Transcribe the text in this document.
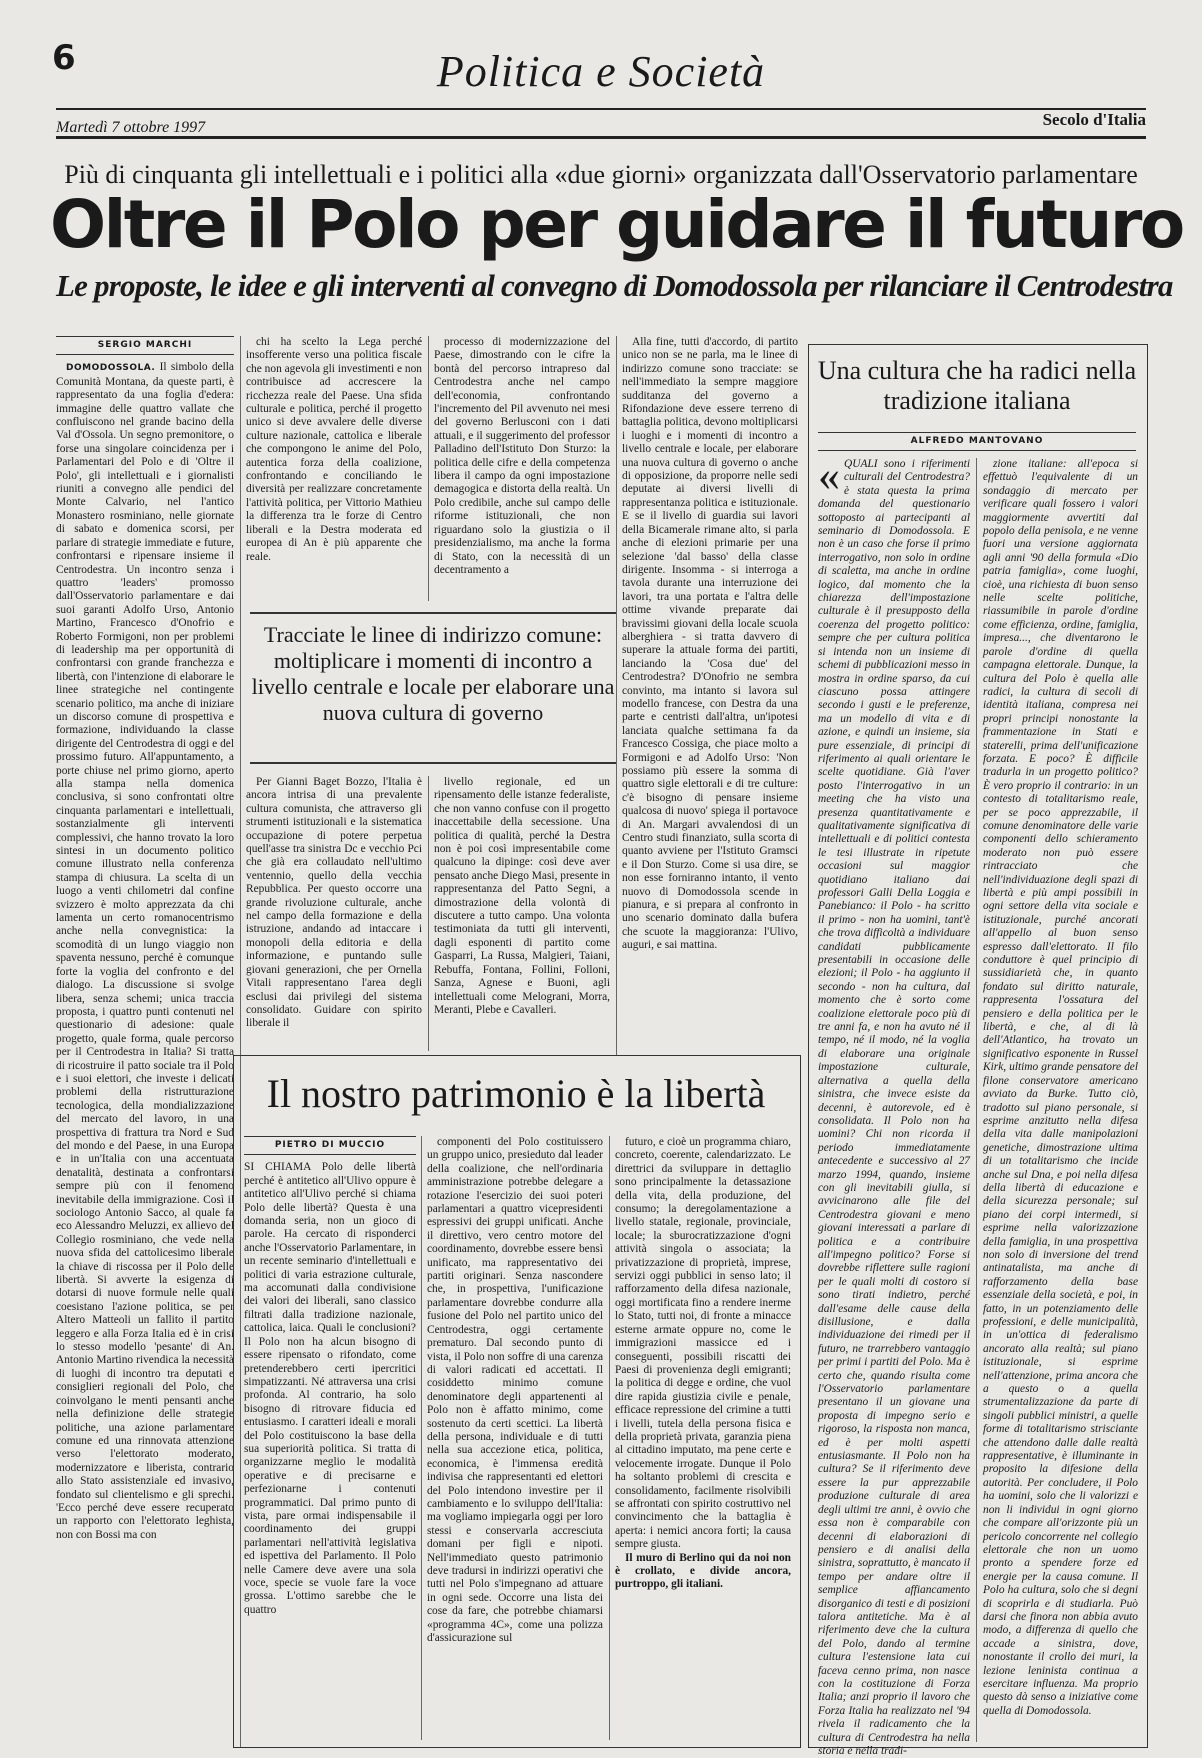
6	Politica e Società
Martedì 7 ottobre 1997	Secolo d'Italia
Più di cinquanta gli intellettuali e i politici alla «due giorni» organizzata dall'Osservatorio parlamentare
Oltre il Polo per guidare il futuro
Le proposte, le idee e gli interventi al convegno di Domodossola per rilanciare il Centrodestra
SERGIO MARCHI

DOMODOSSOLA. Il simbolo della Comunità Montana, da queste parti, è rappresentato da una foglia d'edera: immagine delle quattro vallate che confluiscono nel grande bacino della Val d'Ossola. Un segno premonitore, o forse una singolare coincidenza per i Parlamentari del Polo e di 'Oltre il Polo', gli intellettuali e i giornalisti riuniti a convegno alle pendici del Monte Calvario, nel l'antico Monastero rosminiano, nelle giornate di sabato e domenica scorsi, per parlare di strategie immediate e future, confrontarsi e ripensare insieme il Centrodestra. Un incontro senza i quattro 'leaders' promosso dall'Osservatorio parlamentare e dai suoi garanti Adolfo Urso, Antonio Martino, Francesco d'Onofrio e Roberto Formigoni, non per problemi di leadership ma per opportunità di confrontarsi con grande franchezza e libertà, con l'intenzione di elaborare le linee strategiche nel contingente scenario politico, ma anche di iniziare un discorso comune di prospettiva e formazione, individuando la classe dirigente del Centrodestra di oggi e del prossimo futuro. All'appuntamento, a porte chiuse nel primo giorno, aperto alla stampa nella domenica conclusiva, si sono confrontati oltre cinquanta parlamentari e intellettuali, sostanzialmente gli interventi complessivi, che hanno trovato la loro sintesi in un documento politico comune illustrato nella conferenza stampa di chiusura. La scelta di un luogo a venti chilometri dal confine svizzero è molto apprezzata da chi lamenta un certo romanocentrismo anche nella convegnistica: la scomodità di un lungo viaggio non spaventa nessuno, perché è comunque forte la voglia del confronto e del dialogo. La discussione si svolge libera, senza schemi; unica traccia proposta, i quattro punti contenuti nel questionario di adesione: quale progetto, quale forma, quale percorso per il Centrodestra in Italia? Si tratta di ricostruire il patto sociale tra il Polo e i suoi elettori, che investe i delicati problemi della ristrutturazione tecnologica, della mondializzazione del mercato del lavoro, in una prospettiva di frattura tra Nord e Sud del mondo e del Paese, in una Europa e in un'Italia con una accentuata denatalità, destinata a confrontarsi sempre più con il fenomeno inevitabile della immigrazione. Così il sociologo Antonio Sacco, al quale fa eco Alessandro Meluzzi, ex allievo del Collegio rosminiano, che vede nella nuova sfida del cattolicesimo liberale la chiave di riscossa per il Polo delle libertà. Si avverte la esigenza di dotarsi di nuove formule nelle quali coesistano l'azione politica, se per Altero Matteoli un fallito il partito leggero e alla Forza Italia ed è in crisi lo stesso modello 'pesante' di An. Antonio Martino rivendica la necessità di luoghi di incontro tra deputati e consiglieri regionali del Polo, che coinvolgano le menti pensanti anche nella definizione delle strategie politiche, una azione parlamentare comune ed una rinnovata attenzione verso l'elettorato moderato, modernizzatore e liberista, contrario allo Stato assistenziale ed invasivo, fondato sul clientelismo e gli sprechi. 'Ecco perché deve essere recuperato un rapporto con l'elettorato leghista, non con Bossi ma con

chi ha scelto la Lega perché insofferente verso una politica fiscale che non agevola gli investimenti e non contribuisce ad accrescere la ricchezza reale del Paese. Una sfida culturale e politica, perché il progetto unico si deve avvalere delle diverse culture nazionale, cattolica e liberale che compongono le anime del Polo, autentica forza della coalizione, confrontando e conciliando le diversità per realizzare concretamente l'attività politica, per Vittorio Mathieu la differenza tra le forze di Centro liberali e la Destra moderata ed europea di An è più apparente che reale.

processo di modernizzazione del Paese, dimostrando con le cifre la bontà del percorso intrapreso dal Centrodestra anche nel campo dell'economia, confrontando l'incremento del Pil avvenuto nei mesi del governo Berlusconi con i dati attuali, e il suggerimento del professor Palladino dell'Istituto Don Sturzo: la politica delle cifre e della competenza libera il campo da ogni impostazione demagogica e distorta della realtà. Un Polo credibile, anche sul campo delle riforme istituzionali, che non riguardano solo la giustizia o il presidenzialismo, ma anche la forma di Stato, con la necessità di un decentramento a

Tracciate le linee di indirizzo comune: moltiplicare i momenti di incontro a livello centrale e locale per elaborare una nuova cultura di governo

Per Gianni Baget Bozzo, l'Italia è ancora intrisa di una prevalente cultura comunista, che attraverso gli strumenti istituzionali e la sistematica occupazione di potere perpetua quell'asse tra sinistra Dc e vecchio Pci che già era collaudato nell'ultimo ventennio, quello della vecchia Repubblica. Per questo occorre una grande rivoluzione culturale, anche nel campo della formazione e della istruzione, andando ad intaccare i monopoli della editoria e della informazione, e puntando sulle giovani generazioni, che per Ornella Vitali rappresentano l'area degli esclusi dai privilegi del sistema consolidato. Guidare con spirito liberale il

livello regionale, ed un ripensamento delle istanze federaliste, che non vanno confuse con il progetto inaccettabile della secessione. Una politica di qualità, perché la Destra non è poi così impresentabile come qualcuno la dipinge: così deve aver pensato anche Diego Masi, presente in rappresentanza del Patto Segni, a dimostrazione della volontà di discutere a tutto campo. Una volonta testimoniata da tutti gli interventi, dagli esponenti di partito come Gasparri, La Russa, Malgieri, Taiani, Rebuffa, Fontana, Follini, Folloni, Sanza, Agnese e Buoni, agli intellettuali come Melograni, Morra, Meranti, Plebe e Cavalleri.

Alla fine, tutti d'accordo, di partito unico non se ne parla, ma le linee di indirizzo comune sono tracciate: se nell'immediato la sempre maggiore sudditanza del governo a Rifondazione deve essere terreno di battaglia politica, devono moltiplicarsi i luoghi e i momenti di incontro a livello centrale e locale, per elaborare una nuova cultura di governo o anche di opposizione, da proporre nelle sedi deputate ai diversi livelli di rappresentanza politica e istituzionale. E se il livello di guardia sui lavori della Bicamerale rimane alto, si parla anche di elezioni primarie per una selezione 'dal basso' della classe dirigente. Insomma - si interroga a tavola durante una interruzione dei lavori, tra una portata e l'altra delle ottime vivande preparate dai bravissimi giovani della locale scuola alberghiera - si tratta davvero di superare la attuale forma dei partiti, lanciando la 'Cosa due' del Centrodestra? D'Onofrio ne sembra convinto, ma intanto si lavora sul modello francese, con Destra da una parte e centristi dall'altra, un'ipotesi lanciata qualche settimana fa da Francesco Cossiga, che piace molto a Formigoni e ad Adolfo Urso: 'Non possiamo più essere la somma di quattro sigle elettorali e di tre culture: c'è bisogno di pensare insieme qualcosa di nuovo' spiega il portavoce di An. Margari avvalendosi di un Centro studi finanziato, sulla scorta di quanto avviene per l'Istituto Gramsci e il Don Sturzo. Come si usa dire, se non esse forniranno intanto, il vento nuovo di Domodossola scende in pianura, e si prepara al confronto in uno scenario dominato dalla bufera che scuote la maggioranza: l'Ulivo, auguri, e sai mattina.

Una cultura che ha radici nella tradizione italiana
ALFREDO MANTOVANO

« QUALI sono i riferimenti culturali del Centrodestra? è stata questa la prima domanda del questionario sottoposto ai partecipanti al seminario di Domodossola. E non è un caso che forse il primo interrogativo, non solo in ordine di scaletta, ma anche in ordine logico, dal momento che la chiarezza dell'impostazione culturale è il presupposto della coerenza del progetto politico: sempre che per cultura politica si intenda non un insieme di schemi di pubblicazioni messo in mostra in ordine sparso, da cui ciascuno possa attingere secondo i gusti e le preferenze, ma un modello di vita e di azione, e quindi un insieme, sia pure essenziale, di principi di riferimento ai quali orientare le scelte quotidiane. Già l'aver posto l'interrogativo in un meeting che ha visto una presenza quantitativamente e qualitativamente significativa di intellettuali e di politici contesta le tesi illustrate in ripetute occasioni sul maggior quotidiano italiano dai professori Galli Della Loggia e Panebianco: il Polo - ha scritto il primo - non ha uomini, tant'è che trova difficoltà a individuare candidati pubblicamente presentabili in occasione delle elezioni; il Polo - ha aggiunto il secondo - non ha cultura, dal momento che è sorto come coalizione elettorale poco più di tre anni fa, e non ha avuto né il tempo, né il modo, né la voglia di elaborare una originale impostazione culturale, alternativa a quella della sinistra, che invece esiste da decenni, è autorevole, ed è consolidata. Il Polo non ha uomini? Chi non ricorda il periodo immediatamente antecedente e successivo al 27 marzo 1994, quando, insieme con gli inevitabili giulla, si avvicinarono alle file del Centrodestra giovani e meno giovani interessati a parlare di politica e a contribuire all'impegno politico? Forse si dovrebbe riflettere sulle ragioni per le quali molti di costoro si sono tirati indietro, perché dall'esame delle cause della disillusione, e dalla individuazione dei rimedi per il futuro, ne trarrebbero vantaggio per primi i partiti del Polo. Ma è certo che, quando risulta come l'Osservatorio parlamentare presentano il un giovane una proposta di impegno serio e rigoroso, la risposta non manca, ed è per molti aspetti entusiasmante. Il Polo non ha cultura? Se il riferimento deve essere la pur apprezzabile produzione culturale di area degli ultimi tre anni, è ovvio che essa non è comparabile con decenni di elaborazioni di pensiero e di analisi della sinistra, soprattutto, è mancato il tempo per andare oltre il semplice affiancamento disorganico di testi e di posizioni talora antitetiche. Ma è al riferimento deve che la cultura del Polo, dando al termine cultura l'estensione lata cui faceva cenno prima, non nasce con la costituzione di Forza Italia; anzi proprio il lavoro che Forza Italia ha realizzato nel '94 rivela il radicamento che la cultura di Centrodestra ha nella storia e nella tradi-

zione italiane: all'epoca si effettuò l'equivalente di un sondaggio di mercato per verificare quali fossero i valori maggiormente avvertiti dal popolo della penisola, e ne venne fuori una versione aggiornata agli anni '90 della formula «Dio patria famiglia», come luoghi, cioè, una richiesta di buon senso nelle scelte politiche, riassumibile in parole d'ordine come efficienza, ordine, famiglia, impresa..., che diventarono le parole d'ordine di quella campagna elettorale. Dunque, la cultura del Polo è quella alle radici, la cultura di secoli di identità italiana, compresa nei propri principi nonostante la frammentazione in Stati e staterelli, prima dell'unificazione forzata. E poco? È difficile tradurla in un progetto politico? È vero proprio il contrario: in un contesto di totalitarismo reale, per se poco apprezzabile, il comune denominatore delle varie componenti dello schieramento moderato non può essere rintracciato che nell'individuazione degli spazi di libertà e più ampi possibili in ogni settore della vita sociale e istituzionale, purché ancorati all'appello al buon senso espresso dall'elettorato. Il filo conduttore è quel principio di sussidiarietà che, in quanto fondato sul diritto naturale, rappresenta l'ossatura del pensiero e della politica per le libertà, e che, al di là dell'Atlantico, ha trovato un significativo esponente in Russel Kirk, ultimo grande pensatore del filone conservatore americano avviato da Burke. Tutto ciò, tradotto sul piano personale, si esprime anzitutto nella difesa della vita dalle manipolazioni genetiche, dimostrazione ultima di un totalitarismo che incide anche sul Dna, e poi nella difesa della libertà di educazione e della sicurezza personale; sul piano dei corpi intermedi, si esprime nella valorizzazione della famiglia, in una prospettiva non solo di inversione del trend antinatalista, ma anche di rafforzamento della base essenziale della società, e poi, in fatto, in un potenziamento delle professioni, e delle municipalità, in un'ottica di federalismo ancorato alla realtà; sul piano istituzionale, si esprime nell'attenzione, prima ancora che a questo o a quella strumentalizzazione da parte di singoli pubblici ministri, a quelle forme di totalitarismo strisciante che attendono dalle dalle realtà rappresentative, è illuminante in proposito la difesione della autorità. Per concludere, il Polo ha uomini, solo che li valorizzi e non li individui in ogni giorno che compare all'orizzonte più un pericolo concorrente nel collegio elettorale che non un uomo pronto a spendere forze ed energie per la causa comune. Il Polo ha cultura, solo che si degni di scoprirla e di studiarla. Può darsi che finora non abbia avuto modo, a differenza di quello che accade a sinistra, dove, nonostante il crollo dei muri, la lezione leninista continua a esercitare influenza. Ma proprio questo dà senso a iniziative come quella di Domodossola.

Il nostro patrimonio è la libertà
PIETRO DI MUCCIO

SI CHIAMA Polo delle libertà perché è antitetico all'Ulivo oppure è antitetico all'Ulivo perché si chiama Polo delle libertà? Questa è una domanda seria, non un gioco di parole. Ha cercato di risponderci anche l'Osservatorio Parlamentare, in un recente seminario d'intellettuali e politici di varia estrazione culturale, ma accomunati dalla condivisione dei valori dei liberali, sano classico filtrati dalla tradizione nazionale, cattolica, laica. Quali le conclusioni? Il Polo non ha alcun bisogno di essere ripensato o rifondato, come pretenderebbero certi ipercritici simpatizzanti. Né attraversa una crisi profonda. Al contrario, ha solo bisogno di ritrovare fiducia ed entusiasmo. I caratteri ideali e morali del Polo costituiscono la base della sua superiorità politica. Si tratta di organizzarne meglio le modalità operative e di precisarne e perfezionarne i contenuti programmatici. Dal primo punto di vista, pare ormai indispensabile il coordinamento dei gruppi parlamentari nell'attività legislativa ed ispettiva del Parlamento. Il Polo nelle Camere deve avere una sola voce, specie se vuole fare la voce grossa. L'ottimo sarebbe che le quattro

componenti del Polo costituissero un gruppo unico, presieduto dal leader della coalizione, che nell'ordinaria amministrazione potrebbe delegare a rotazione l'esercizio dei suoi poteri parlamentari a quattro vicepresidenti espressivi dei gruppi unificati. Anche il direttivo, vero centro motore del coordinamento, dovrebbe essere bensì unificato, ma rappresentativo dei partiti originari. Senza nascondere che, in prospettiva, l'unificazione parlamentare dovrebbe condurre alla fusione del Polo nel partito unico del Centrodestra, oggi certamente prematuro. Dal secondo punto di vista, il Polo non soffre di una carenza di valori radicati ed accettati. Il cosiddetto minimo comune denominatore degli appartenenti al Polo non è affatto minimo, come sostenuto da certi scettici. La libertà della persona, individuale e di tutti nella sua accezione etica, politica, economica, è l'immensa eredità indivisa che rappresentanti ed elettori del Polo intendono investire per il cambiamento e lo sviluppo dell'Italia: ma vogliamo impiegarla oggi per loro stessi e conservarla accresciuta domani per figli e nipoti. Nell'immediato questo patrimonio deve tradursi in indirizzi operativi che tutti nel Polo s'impegnano ad attuare in ogni sede. Occorre una lista dei cose da fare, che potrebbe chiamarsi «programma 4C», come una polizza d'assicurazione sul

futuro, e cioè un programma chiaro, concreto, coerente, calendarizzato. Le direttrici da sviluppare in dettaglio sono principalmente la detassazione della vita, della produzione, del consumo; la deregolamentazione a livello statale, regionale, provinciale, locale; la sburocratizzazione d'ogni attività singola o associata; la privatizzazione di proprietà, imprese, servizi oggi pubblici in senso lato; il rafforzamento della difesa nazionale, oggi mortificata fino a rendere inerme lo Stato, tutti noi, di fronte a minacce esterne armate oppure no, come le immigrazioni massicce ed i conseguenti, possibili riscatti dei Paesi di provenienza degli emigranti; la politica di degge e ordine, che vuol dire rapida giustizia civile e penale, efficace repressione del crimine a tutti i livelli, tutela della persona fisica e della proprietà privata, garanzia piena al cittadino imputato, ma pene certe e velocemente irrogate. Dunque il Polo ha soltanto problemi di crescita e consolidamento, facilmente risolvibili se affrontati con spirito costruttivo nel convincimento che la battaglia è aperta: i nemici ancora forti; la causa sempre giusta.

Il muro di Berlino qui da noi non è crollato, e divide ancora, purtroppo, gli italiani.
